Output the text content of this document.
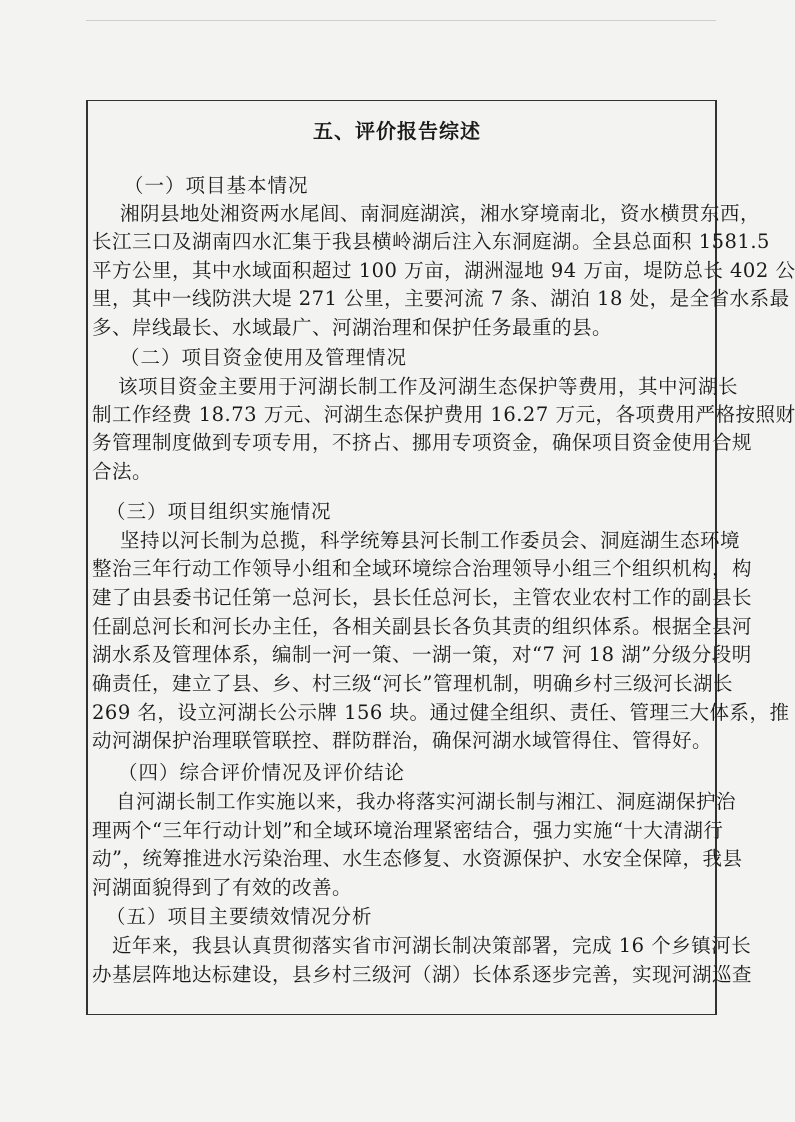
五、评价报告综述
（一）项目基本情况
湘阴县地处湘资两水尾闾、南洞庭湖滨，湘水穿境南北，资水横贯东西，
长江三口及湖南四水汇集于我县横岭湖后注入东洞庭湖。全县总面积 1581.5
平方公里，其中水域面积超过 100 万亩，湖洲湿地 94 万亩，堤防总长 402 公
里，其中一线防洪大堤 271 公里，主要河流 7 条、湖泊 18 处，是全省水系最
多、岸线最长、水域最广、河湖治理和保护任务最重的县。
（二）项目资金使用及管理情况
该项目资金主要用于河湖长制工作及河湖生态保护等费用，其中河湖长
制工作经费 18.73 万元、河湖生态保护费用 16.27 万元，各项费用严格按照财
务管理制度做到专项专用，不挤占、挪用专项资金，确保项目资金使用合规
合法。
（三）项目组织实施情况
坚持以河长制为总揽，科学统筹县河长制工作委员会、洞庭湖生态环境
整治三年行动工作领导小组和全域环境综合治理领导小组三个组织机构，构
建了由县委书记任第一总河长，县长任总河长，主管农业农村工作的副县长
任副总河长和河长办主任，各相关副县长各负其责的组织体系。根据全县河
湖水系及管理体系，编制一河一策、一湖一策，对“7 河 18 湖”分级分段明
确责任，建立了县、乡、村三级“河长”管理机制，明确乡村三级河长湖长
269 名，设立河湖长公示牌 156 块。通过健全组织、责任、管理三大体系，推
动河湖保护治理联管联控、群防群治，确保河湖水域管得住、管得好。
（四）综合评价情况及评价结论
自河湖长制工作实施以来，我办将落实河湖长制与湘江、洞庭湖保护治
理两个“三年行动计划”和全域环境治理紧密结合，强力实施“十大清湖行
动”，统筹推进水污染治理、水生态修复、水资源保护、水安全保障，我县
河湖面貌得到了有效的改善。
（五）项目主要绩效情况分析
近年来，我县认真贯彻落实省市河湖长制决策部署，完成 16 个乡镇河长
办基层阵地达标建设，县乡村三级河（湖）长体系逐步完善，实现河湖巡查
